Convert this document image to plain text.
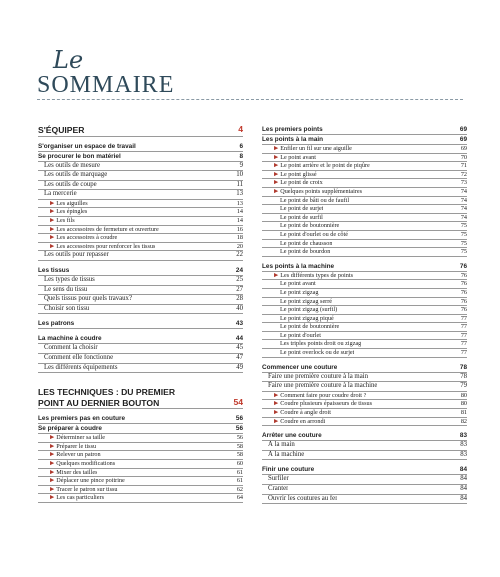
Le
SOMMAIRE
S'ÉQUIPER	4
S'organiser un espace de travail	6
Se procurer le bon matériel	8
Les outils de mesure	9
Les outils de marquage	10
Les outils de coupe	11
La mercerie	13
▶ Les aiguilles	13
▶ Les épingles	14
▶ Les fils	14
▶ Les accessoires de fermeture et ouverture	16
▶ Les accessoires à coudre	18
▶ Les accessoires pour renforcer les tissus	20
Les outils pour repasser	22
Les tissus	24
Les types de tissus	25
Le sens du tissu	27
Quels tissus pour quels travaux?	28
Choisir son tissu	40
Les patrons	43
La machine à coudre	44
Comment la choisir	45
Comment elle fonctionne	47
Les différents équipements	49
LES TECHNIQUES : DU PREMIER
POINT AU DERNIER BOUTON	54
Les premiers pas en couture	56
Se préparer à coudre	56
▶ Déterminer sa taille	56
▶ Préparer le tissu	58
▶ Relever un patron	58
▶ Quelques modifications	60
▶ Mixer des tailles	61
▶ Déplacer une pince poitrine	61
▶ Tracer le patron sur tissu	62
▶ Les cas particuliers	64
Les premiers points	69
Les points à la main	69
▶ Enfiler un fil sur une aiguille	69
▶ Le point avant	70
▶ Le point arrière et le point de piqûre	71
▶ Le point glissé	72
▶ Le point de croix	73
▶ Quelques points supplémentaires	74
Le point de bâti ou de faufil	74
Le point de surjet	74
Le point de surfil	74
Le point de boutonnière	75
Le point d'ourlet ou de côté	75
Le point de chausson	75
Le point de bourdon	75
Les points à la machine	76
▶ Les différents types de points	76
Le point avant	76
Le point zigzag	76
Le point zigzag serré	76
Le point zigzag (surfil)	76
Le point zigzag piqué	77
Le point de boutonnière	77
Le point d'ourlet	77
Les triples points droit ou zigzag	77
Le point overlock ou de surjet	77
Commencer une couture	78
Faire une première couture à la main	78
Faire une première couture à la machine	79
▶ Comment faire pour coudre droit ?	80
▶ Coudre plusieurs épaisseurs de tissus	80
▶ Coudre à angle droit	81
▶ Coudre en arrondi	82
Arrêter une couture	83
À la main	83
À la machine	83
Finir une couture	84
Surfiler	84
Cranter	84
Ouvrir les coutures au fer	84
